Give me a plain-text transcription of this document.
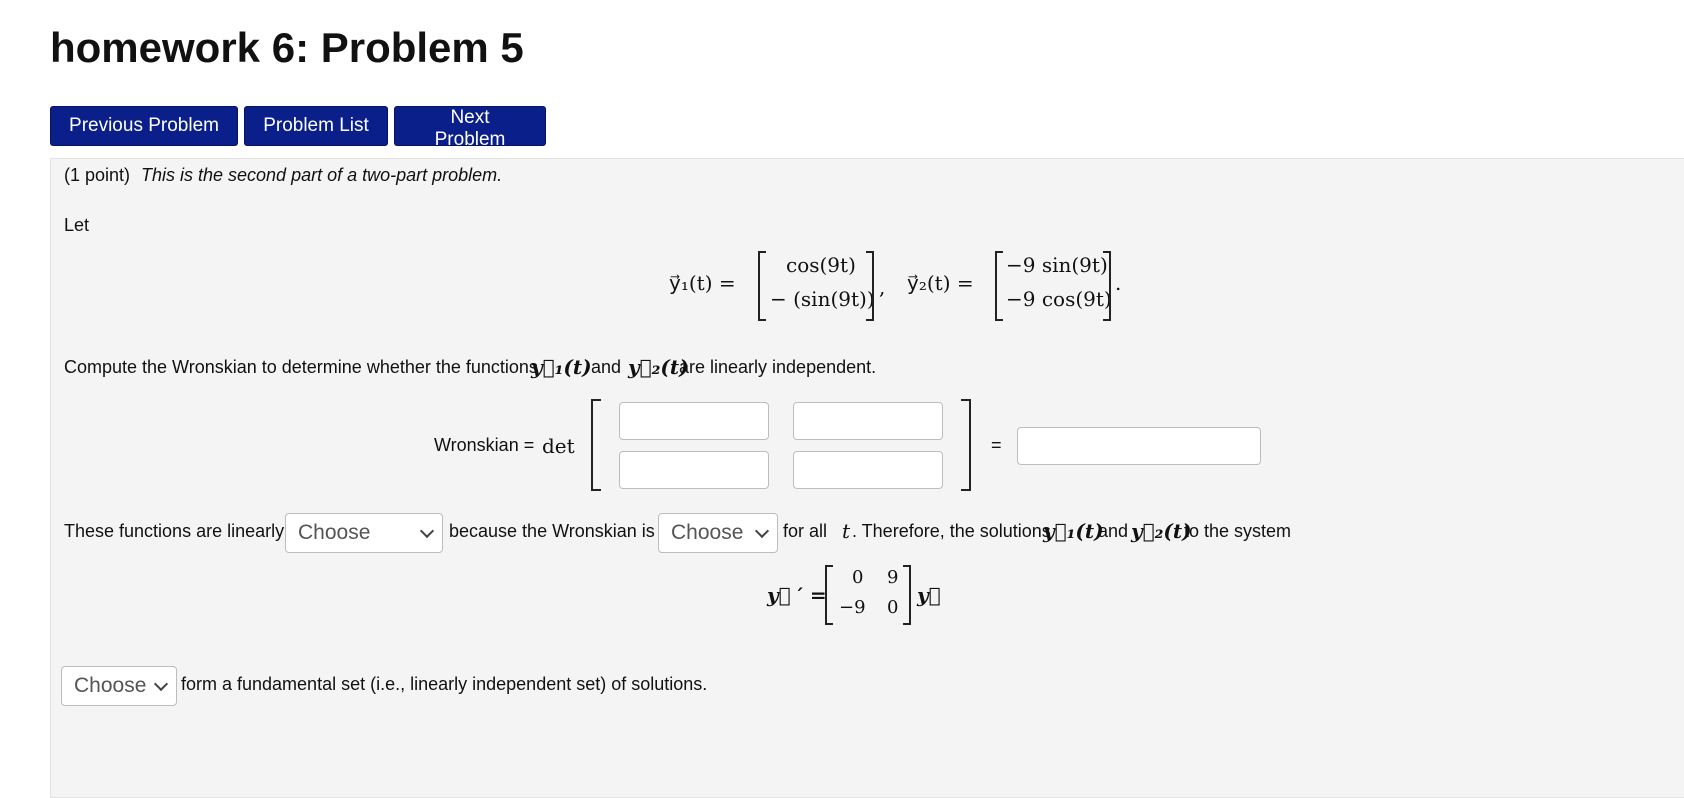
homework 6: Problem 5
Previous Problem	Problem List	Next Problem
(1 point) This is the second part of a two-part problem.
Let
y⃗₁(t) =
cos(9t)
− (sin(9t)) , y⃗₂(t) =
−9 sin(9t)
−9 cos(9t)
.
Compute the Wronskian to determine whether the functions
y⃗₁(t) and y⃗₂(t)
are linearly independent.
Wronskian = det	=
These functions are linearly Choose	because the Wronskian is Choose for all t . Therefore, the solutions
y⃗₁(t)
and y⃗₂(t)
to the system
y⃗ ′ =
0 9
−9 0
y⃗
Choose form a fundamental set (i.e., linearly independent set) of solutions.
